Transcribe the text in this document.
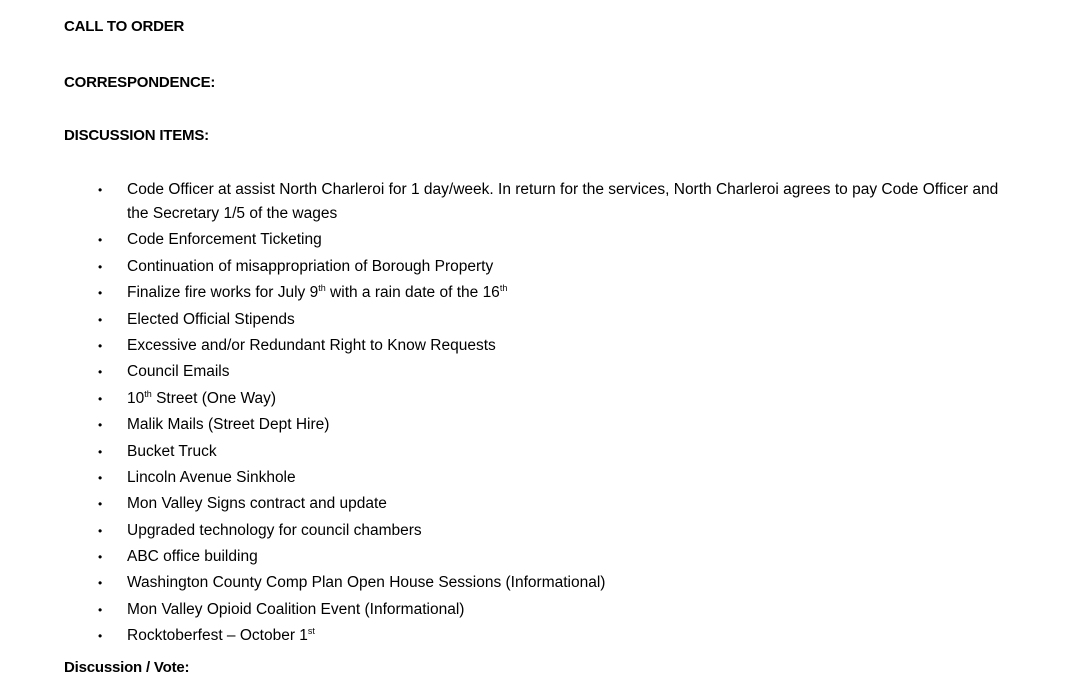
CALL TO ORDER
CORRESPONDENCE:
DISCUSSION ITEMS:
• Code Officer at assist North Charleroi for 1 day/week. In return for the services, North Charleroi agrees to pay Code Officer and the Secretary 1/5 of the wages
• Code Enforcement Ticketing
• Continuation of misappropriation of Borough Property
• Finalize fire works for July 9th with a rain date of the 16th
• Elected Official Stipends
• Excessive and/or Redundant Right to Know Requests
• Council Emails
• 10th Street (One Way)
• Malik Mails (Street Dept Hire)
• Bucket Truck
• Lincoln Avenue Sinkhole
• Mon Valley Signs contract and update
• Upgraded technology for council chambers
• ABC office building
• Washington County Comp Plan Open House Sessions (Informational)
• Mon Valley Opioid Coalition Event (Informational)
• Rocktoberfest – October 1st
Discussion / Vote:
